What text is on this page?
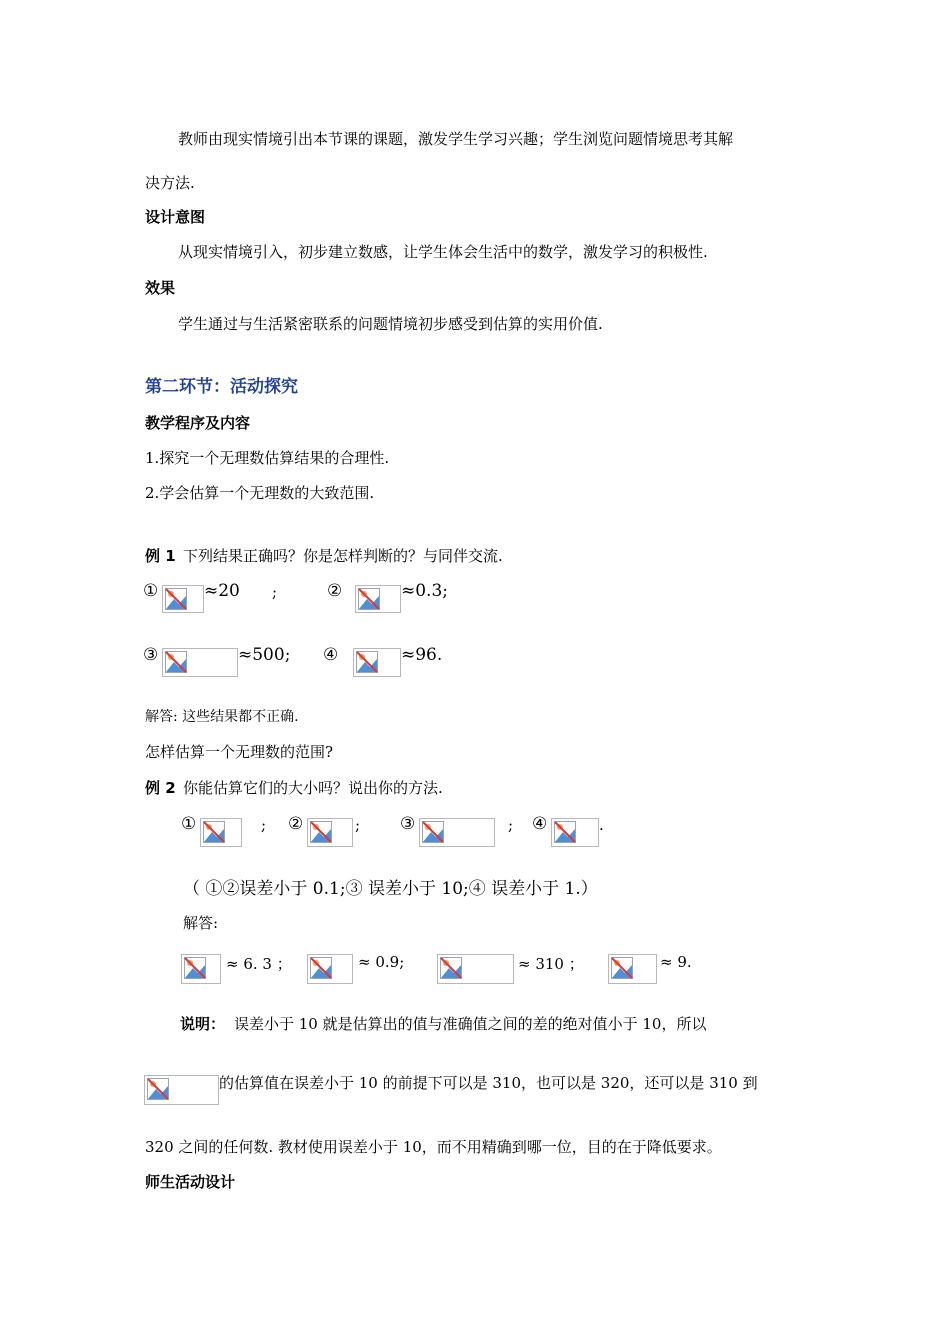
教师由现实情境引出本节课的课题，激发学生学习兴趣；学生浏览问题情境思考其解
决方法.
设计意图
从现实情境引入，初步建立数感，让学生体会生活中的数学，激发学习的积极性.
效果
学生通过与生活紧密联系的问题情境初步感受到估算的实用价值.
第二环节：活动探究
教学程序及内容
1.探究一个无理数估算结果的合理性.
2.学会估算一个无理数的大致范围.
例 1 下列结果正确吗？你是怎样判断的？与同伴交流.
①	≈20 ;	②	≈0.3;
③	≈500; ④	≈96.
解答: 这些结果都不正确.
怎样估算一个无理数的范围?
例 2 你能估算它们的大小吗？说出你的方法.
①	; ②	; ③	; ④	.
（ ①②误差小于 0.1;③ 误差小于 10;④ 误差小于 1.）
解答:
≈ 6. 3 ；	≈ 0.9;	≈ 310 ；	≈ 9.
说明： 误差小于 10 就是估算出的值与准确值之间的差的绝对值小于 10，所以
的估算值在误差小于 10 的前提下可以是 310，也可以是 320，还可以是 310 到
320 之间的任何数. 教材使用误差小于 10，而不用精确到哪一位，目的在于降低要求。
师生活动设计
